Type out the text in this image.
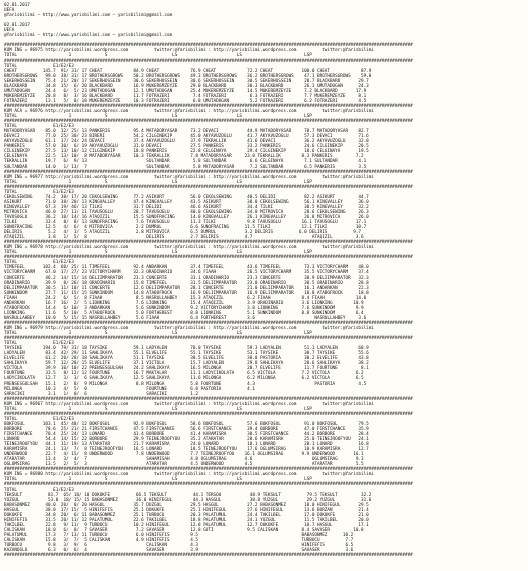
02.01.2017
UEFA
@Yarisbilimi — http://www.yarisbilimi.com — yarisbilimi@gmail.com

02.01.2017
UEFA
@Yarisbilimi — http://www.yarisbilimi.com — yarisbilimi@gmail.com

##############################################################################################################################################################
KUM ING = 96975 http://yarisbilimi.wordpress.com          twitter:@Yarisbilimi : http://yarisbilimi.wordpress.com          twitter:@Yarisbilimi
TOTAL                    1             S                         LS                       LS                        LSP
##############################################################################################################################################################
TOTAL              E1/E2/E3
CHEAT          145.7  91/ 31/ 17 CHEAT            84.9 CHEAT            76.9 CHEAT            72.2 CHEAT           100.0 CHEAT            87.9
BROTHERSGROWS   99.0  38/ 31/ 17 BROTHERSGROWS    50.2 BROTHERSGROWS    49.3 BROTHERSGROWS    36.2 BROTHERSGROWS    47.1 BROTHERSGROWS    59.0
SEKERHOSSEIN    75.4  21/ 20/ 17 SEKERHOSSEIN     30.6 SEKERHOSSEIN     30.6 SEKERHOSSEIN     30.5 SEKERHOSSEIN     28.7 BLACKBARD       29.7
BLACKBARD       34.8  15/  6/ 20 BLACKBARD        16.9 MUKEREMZEYZE     29.0 BLACKBARD        30.3 BLACKBARD        26.1 UMUTADOGAN      24.3
UMUTADOGAN      24.4   6/  5/ 23 UMUTADOGAN       12.1 UMUTADOGAN       25.4 MUKEREMZEYZE     14.5 MUKEREMZEYZE     7.2 BLACKBARD       17.9
MUKEREMZEYZE    20.8   8/  3/ 16 BLACKBARD        11.7 FOTRAZERI         7.4 FOTRAZERI         6.3 FOTRAZERI        7.7 MUKEREMZEYZE     8.1
FOTRAZERI       13.1   5/  8/ 18 MUKEREMZEYZE     10.3 FOTRAZERI         6.8 UMUTADOGAN        5.2 FOTRAZERI        6.2 FOTRAZERI        4.5
##############################################################################################################################################################
KUM ACA = 96976 http://yarisbilimi.wordpress.com          twitter:@Yarisbilimi : http://yarisbilimi.wordpress.com          twitter:@Yarisbilimi
TOTAL                    1             S                         LS                       LS                        LSP
##############################################################################################################################################################
TOTAL              E1/E2/E3
MATADORYASAR    85.0  32/ 25/ 13 PANKERIS         95.4 MATADORYASAR     73.2 DEVACI           44.9 MATADORYASAR     78.7 MATADORYASAR    82.7
DEVACI          77.0  25/ 30/ 23 BIRERI           54.2 CILGINEKIP       45.0 AKYAVUZOGLU      41.7 AKYAVUZOGLU      57.3 DEVACI          71.6
AKYAVUZOGLU     61.1  17/ 24/ 24 DEVACI           37.4 AKYAVUZOGLU      37.9 TEKRALLIK        41.6 DEVACI           36.2 AKYAVUZOGLU     32.8
PANKERIS        57.0  30/  6/ 19 AKYAVUZOGLU      31.0 DEVACI           27.5 PANKERIS         33.2 PANKERIS         24.6 CILGINEKIP      20.5
CILGINEKIP      27.5  13/ 10/ 12 CILGINEKIP       18.8 PANKERIS         22.8 CELGINAYA        29.4 CILGINEKIP       18.6 CELGINAYA       19.5
CELGINAYA       22.5  13/ 10/  8 MATADORYASAR     10.3 TEKRALLIK        7.8 MATADORYASAR     23.0 TEKRALLIK        8.3 PANKERIS         7.2
TEKRALLIK       19.7   6/  9/ 13                       SULTANDAR         5.8 SULTANDAR         6.6 CELGINAYA        7.1 SULTANDAR        4.1
SULTANDAR       14.0   1/ 13/  7                       SULTANDAR         5.8 MATADORYASAR      7.2 SULTANDAR        6.5 PANKERIS         3.5
##############################################################################################################################################################
KUM ING = 96977 http://yarisbilimi.wordpress.com          twitter:@Yarisbilimi : http://yarisbilimi.wordpress.com          twitter:@Yarisbilimi
TOTAL                    1             S                         LS                       LS                        LSP
##############################################################################################################################################################
TOTAL              E1/E2/E3
CEKOLSEWING     74.2  38/ 17/ 20 CEKOLSEWING      77.2 ASIKURT          56.0 CEKOLSEWING      40.5 DELIDI           82.2 ASIKURT         44.7
ASIKURT         71.0  38/ 20/ 13 KINGVALLEY       47.4 KINGVALLEY       43.5 ASIKURT          38.0 CEKOLSEWING      56.1 KINGVALLEY      36.0
KINGVALLEY      67.3  19/ 46/ 13 TILKI            31.7 DELIDI           46.6 ASIKURT          34.4 TILKI            30.5 KINGVALLEY      32.2
MITROVICA       46.0  27/ 11/ 11 TAVUSOGLU        28.7 TAVUSOGLU        40.0 CEKOLSEWING      34.0 MITROVICA        28.6 CEKOLSEWING     26.3
TAVUSOGLU       36.2  10/ 14/ 16 ATAQIZIL         15.5 SUNOFRACING      14.0 KINGVALLEY       26.1 KINGVALLEY       26.8 MITROVICA       26.0
TILKI           33.4   8/  8/ 13 SUNOFRACING       7.6 TAVUSOGLU        11.3 TILKI            9.8 TAVUSOGLU        16.1 TAVUSOGLU       17.1
SUNOFRACING     12.5   4/  6/  4 MITROVICA         2.2 DUMRUL           6.6 SUNOFRACING      11.5 TILKI            12.1 TILKI           10.7
DELIRIS          5.2   4/  1/  5 ATAQIZIL          2.8 MITROVICA        6.5 DUMRUL           3.2 DELIRIS          6.0 DELIRIS          9.7
ATAQIZIL         3.8   1/  5/  8                       DELIRIS          2.7 DELIRIS          4.7                       ATAQIZIL         3.6
##############################################################################################################################################################
KUM ING = 96978 http://yarisbilimi.wordpress.com          twitter:@Yarisbilimi : http://yarisbilimi.wordpress.com          twitter:@Yarisbilimi
TOTAL                    1             S                         LS                       LS                        LSP
##############################################################################################################################################################
TOTAL              E1/E2/E3
TIMEFEEL       102.4  60/ 25/ 11 TIMEFEEL         92.4 ANDARKAN         37.4 TIMEFEEL         43.6 TIMEFEEL         73.3 VICTORYCHARM    48.0
VICTORYCHARM    67.0  17/ 27/ 23 VICTORYCHARM     32.3 ORADINARIO       34.6 FIAAH            26.5 VICTORYCHARM     35.5 VICTORYCHARM    37.4
CONCERTE        46.2  14/ 15/ 14 DELIIMPARATOR    23.3 CONCERTE         33.1 ORADINARIO       23.3 CONCERTE         30.9 DELIIMPARATOR   32.3
ORADINARIO      39.9   8/ 26/ 18 ORADINARIO       15.8 TIMEFEEL         31.5 DELIIMPARATOR    23.0 ORADINARIO       30.5 ORADINARIO      28.8
DELIIMPARATOR   30.5  11/ 10/ 11 CONCERTE         12.6 DELIIMPARATOR    28.1 CONCERTE         21.0 DELIIMPARATOR    16.1 ANDARKAN        22.3
SUNKINDOM       27.7  11/ 15/ 15 SUNKINDOM        14.8 ATABOFROCK       16.9 DELIIMPARATOR    16.9 DELIIMPARATOR    10.8 ATABOFROCK      18.8
FIAAH           24.2   6/  5/  8 FIAAH             8.5 NASRULLAHBEY     15.3 ATAQIZIL         6.2 FIAAH            8.4 FIAAH            14.0
ANDARKAN        16.7  16/  2/  5 LIONKING          7.6 LIONKING         15.4 ATAQIZIL         3.9 ORADINARIO       3.6 LIONKING        10.9
ATABOFROCK      14.4   6/ 10/  3 ANDARKAN          5.6 SUNKINDOM        9.2 VICTORYCHARM      3.0 LIONKING         7.6 SUNKINDOM        9.9
LIONKING        11.6   5/ 10/  5 ATABOFROCK        5.0 FORTHEREST       8.8 LIONKING          5.1 SUNKINDOM        8.8 SUNKINDOM        6.4
NASRULLAHBEY    10.0   5/ 15/ 15 NASRULLAHBEY      5.6 FIAAH            6.4 FORTHEREST        3.6                       NASRULLAHBEY     3.6
##############################################################################################################################################################
KUM ING = 96979 http://yarisbilimi.wordpress.com          twitter:@Yarisbilimi : http://yarisbilimi.wordpress.com          twitter:@Yarisbilimi
TOTAL                    1             S                         LS                       LS                        LSP
##############################################################################################################################################################
TOTAL              E1/E2/E3
TAYSIKE        194.0  79/ 31/ 18 TAYSIKE          59.1 LADYALEN         70.0 TAYSIKE          59.3 LADYALEN         51.1 LADYALEN        60.9
LADYALEN        83.4  42/ 29/ 11 SAHLIKAYA        55.1 ELVELIFE         55.1 TAYSIKE          53.1 TAYSIKE          30.7 TAYSIKE         55.6
ELVELIFE        61.2  20/ 28/ 18 SAHLIKAYA        51.1 TAYSIKE          38.5 ELVELIFE         30.0 PASTORIA         30.2 ELVELIFE        43.8
SAHLIKAYA       59.7  12/ 28/ 15 ELVELIFE         37.1 VICTOLA          15.7 LADYALEN         29.8 SAHLIKAYA        20.6 SAHLIKAYA       38.2
VICTOLA         39.9  10/ 10/ 22 PRENSESGULSAH    24.2 SAHLIKAYA        16.5 MILONGA          20.7 ELVELIFE         11.7 FOURTUNE         8.1
FOURTUNE        33.5   8/ 12/ 12 FOURTUNE         16.7 MAKTALAR         11.1 LADYCIKOLATA     6.5 VICTOLA          7.2 VICTOLA          6.2
LADYCIKOLATA    12.7   3/  3/  6 SAHLIKAYA        12.5 SAHLIKAYA        11.6 MILONGA          6.2 MILONGA          6.2 VICTOLA          6.5
PRENSESGULSAH   15.1   2/  8/  9 MILONGA           8.8 MILONGA          5.8 FOURTUNE          4.3                       PASTORIA         4.5
MILONGA         10.3   4/  5/  0                       FOURTUNE         6.8 PASTORIA          4.1
SARACIKI         3.1   1/  0/  6                       SARACIKI         1.2
##############################################################################################################################################################
KUM ING = 96967 http://yarisbilimi.wordpress.com          twitter:@Yarisbilimi : http://yarisbilimi.wordpress.com          twitter:@Yarisbilimi
TOTAL                    1             S                         LS                       LS                        LSP
##############################################################################################################################################################
TOTAL              E1/E2/E3
BOKFOSUL       103.1  45/ 48/ 12 BOKFOSUL         92.9 BOKFOSUL         58.6 BOKFOSUL         57.6 BOKFOSUL         91.0 BOKFOSUL        79.5
BORBORE         78.6  25/ 21/ 21 FIRSTCHANCE      47.5 FIRSTCHANCE      56.6 FIRSTCHANCE      39.4 BORBORE          47.0 FIRSTCHANCE     35.9
FIRSTCHANCE     70.4  25/ 24/ 13 LONARD           41.4 BORBORE          41.4 KARAMISRA        30.5 FIRSTCHANCE      44.2 BORBORE         28.4
LONARD          54.4  14/ 15/ 22 BORBORE          29.9 TEINEJROOFYOU    35.2 ATARATAR         28.6 KARAMISRA        25.0 TEINEJROOFYOU   24.1
TEINEJROOFYOU   44.1  11/ 19/ 13 ATARATAR         21.7 KARAMISRA        24.0 LONARD           18.1 LONARD           20.1 LONARD          16.8
KARAMISRA       24.1  13/  7/  8 TEINEJROOFYOU    16.5 LONARD           18.5 TEINEJROOFYOU    17.6 OGLUMSIRAG       10.9 KARAMISRA       12.7
UNDERWOOD       22.7   4/ 15/  8 UNDERWOOD         7.8 UNDERWOOD        7.7 TEINEJROOFYOU    16.1 OGLUMSIRAG       9.9 UNDERWOOD       16.1
ATARATAR        13.4   3/  4/  7                       SAHAMISAH        4.8 OGLUMSIRAG       4.6                       OGLUMSIRAG       9.3
OGLUMSIRAG      13.5   2/  5/  3                       ATARATAR         4.5 UNDERWOOD        4.5                       ATARATAR         5.5
##############################################################################################################################################################
KUM ING = 96980 http://yarisbilimi.wordpress.com          twitter:@Yarisbilimi : http://yarisbilimi.wordpress.com          twitter:@Yarisbilimi
TOTAL                    1             S                         LS                       LS                        LSP
##############################################################################################################################################################
TOTAL              E1/E2/E3
TEKSULT          81.7  65/ 18/ 10 DOKUKFE          66.5 TEKSULT          44.1 TERSOU           48.9 TEKSULT          79.5 TEKSULT         32.2
YUZGUL           53.0  18/ 15/ 15 BABASONMEZ       36.0 HINIFEGUL        44.3 HASGUL           30.8 YUZGUL           29.2 YUZGUL          31.6
BABASONMEZ      40.0  20/  0/ 20 HASGUL           35.7 DUZGUL           29.5 HASGUL           27.2 BABASONMEZ       18.0 HINIFEGUL       29.5
HASGUL          38.0  17/ 15/  5 HINIFEFIS        25.1 DOKUKFE          25.1 HINIFEGUL        27.6 HINIFEGUL        13.6 BORZAN          21.4
DOKUKFE         34.8  20/  6/ 11 BABASONMEZ       25.1 TURBOCU          20.3 PALATUMUL        24.4 TAKILBEL         17.0 DOKUKFE         21.0
HINIFEFIS       31.5  20/ 11/ 12 PALATUMUL        22.6 TAKILBEL         18.8 PALATUMUL        24.1 YUZGUL           11.5 TAKILBEL        20.0
TAKILBEL        22.8   9/ 11/  9 TURBOCU          10.2 HINIFEGUL        12.8 PALATUMUL        12.7 DOKUKFE          10.7 HASGUL          17.1
CALISKAN        18.0   6/  8/  7 SAVASER           7.2 SAVASER          12.8 GUTI             9.5 CALISKAN         8.4 SAVASER         10.8
PALATUMUL       17.3   7/ 13/ 11 TURBOCU           6.0 HINIFEFIS        9.5                                        BABASONMEZ      10.2
CALISKAN        15.8   3/  7/  5 CALISKAN          4.9 HINIFEFIS        4.5                                        TURBOCU          7.7
TURBOCU          9.8   3/  9/  6                       CALISKAN         4.3                                        HINIFEFIS        6.5
KAZANOGLU        6.3   0/  6/  4                       SAVASER          3.9                                        SAVASER          3.6
##############################################################################################################################################################
